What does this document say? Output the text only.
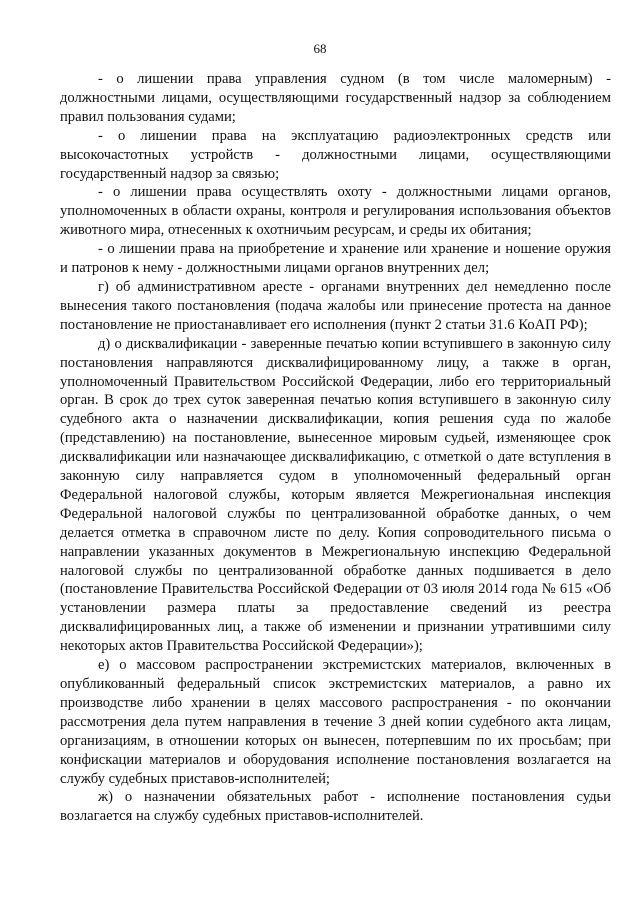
68

- о лишении права управления судном (в том числе маломерным) - должностными лицами, осуществляющими государственный надзор за соблюдением правил пользования судами;

- о лишении права на эксплуатацию радиоэлектронных средств или высокочастотных устройств - должностными лицами, осуществляющими государственный надзор за связью;

- о лишении права осуществлять охоту - должностными лицами органов, уполномоченных в области охраны, контроля и регулирования использования объектов животного мира, отнесенных к охотничьим ресурсам, и среды их обитания;

- о лишении права на приобретение и хранение или хранение и ношение оружия и патронов к нему - должностными лицами органов внутренних дел;

г) об административном аресте - органами внутренних дел немедленно после вынесения такого постановления (подача жалобы или принесение протеста на данное постановление не приостанавливает его исполнения (пункт 2 статьи 31.6 КоАП РФ);

д) о дисквалификации - заверенные печатью копии вступившего в законную силу постановления направляются дисквалифицированному лицу, а также в орган, уполномоченный Правительством Российской Федерации, либо его территориальный орган. В срок до трех суток заверенная печатью копия вступившего в законную силу судебного акта о назначении дисквалификации, копия решения суда по жалобе (представлению) на постановление, вынесенное мировым судьей, изменяющее срок дисквалификации или назначающее дисквалификацию, с отметкой о дате вступления в законную силу направляется судом в уполномоченный федеральный орган Федеральной налоговой службы, которым является Межрегиональная инспекция Федеральной налоговой службы по централизованной обработке данных, о чем делается отметка в справочном листе по делу. Копия сопроводительного письма о направлении указанных документов в Межрегиональную инспекцию Федеральной налоговой службы по централизованной обработке данных подшивается в дело (постановление Правительства Российской Федерации от 03 июля 2014 года № 615 «Об установлении размера платы за предоставление сведений из реестра дисквалифицированных лиц, а также об изменении и признании утратившими силу некоторых актов Правительства Российской Федерации»);

е) о массовом распространении экстремистских материалов, включенных в опубликованный федеральный список экстремистских материалов, а равно их производстве либо хранении в целях массового распространения - по окончании рассмотрения дела путем направления в течение 3 дней копии судебного акта лицам, организациям, в отношении которых он вынесен, потерпевшим по их просьбам; при конфискации материалов и оборудования исполнение постановления возлагается на службу судебных приставов-исполнителей;

ж) о назначении обязательных работ - исполнение постановления судьи возлагается на службу судебных приставов-исполнителей.
